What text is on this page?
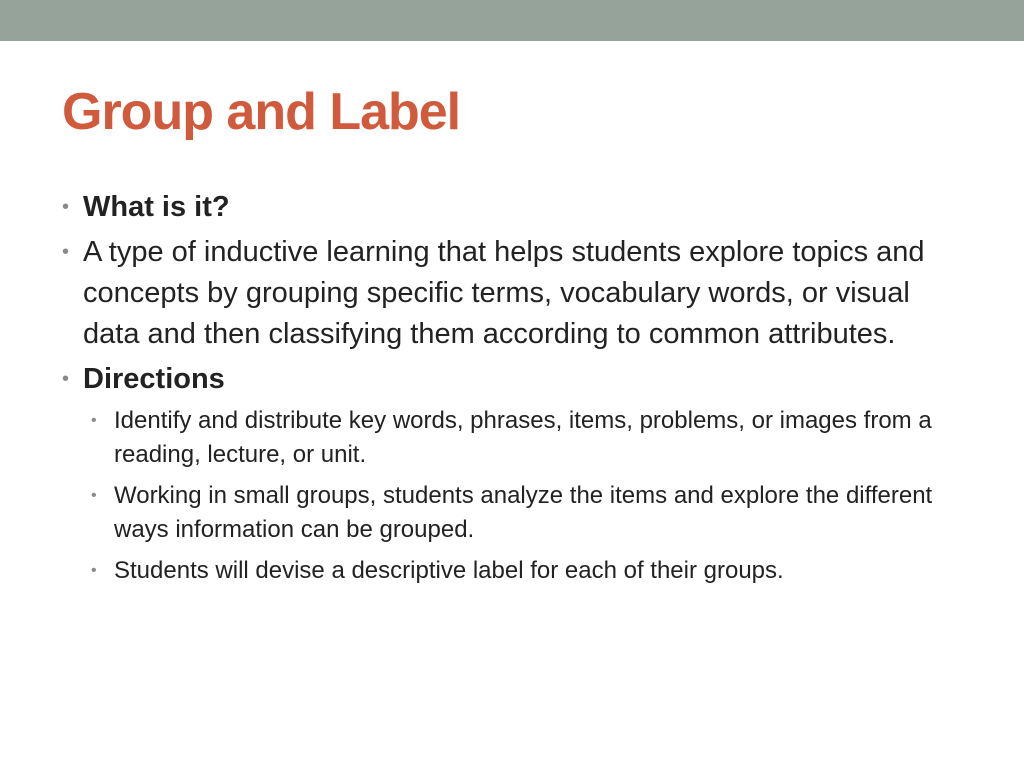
Group and Label
• What is it?
• A type of inductive learning that helps students explore topics and concepts by grouping specific terms, vocabulary words, or visual data and then classifying them according to common attributes.
• Directions
• Identify and distribute key words, phrases, items, problems, or images from a reading, lecture, or unit.
• Working in small groups, students analyze the items and explore the different ways information can be grouped.
• Students will devise a descriptive label for each of their groups.
